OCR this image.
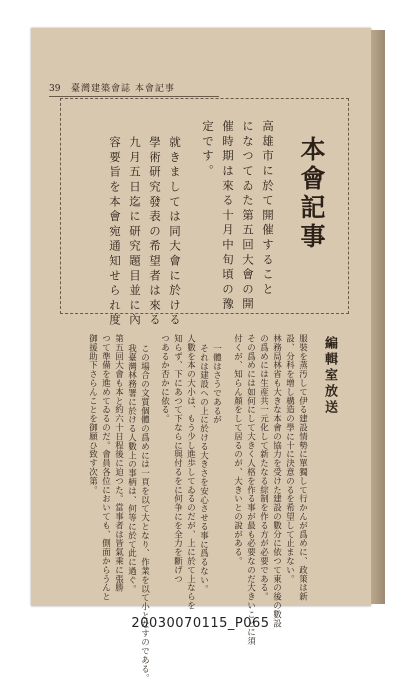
39 臺灣建築會誌 本會記事
本會記事
高雄市に於て開催すること
になつてゐた第五回大會の開
催時期は來る十月中旬頃の豫
定です。
就きましては同大會に於ける
學術研究發表の希望者は來る
九月五日迄に研究題目並に內
容要旨を本會宛通知せられ度
編輯室放送
服裝を蒸汚して伊る建設情勢に單獨して行かんが爲めに、政策は新
設、分科を增し構造の學に十に決意のるを希望して止まない。
林務局林省も大きな本會の協力を受けた建設の數分に依つて東の後の數設
の爲めには生産共一元化して新たなる綜制を作る方が必要である。
その爲めには如何にして大きく人格を作る事が最も必要なのだ大きいことに須
付くが、知らん顏をして居るのが、大きいとの說がある。
一體はさうであるが
それは建設への上に於ける大きさを安心させる事に爲るない。
人數を本の大小は、もう少し進歩してゐるのだが、上に於て上ならを
知らず、下にあつて下ならに與付るをに何争にを全力を斷げつ
つあるか否かに依る。
この場合の文質個體の爲めには一頁を以て大となり、作業を以て小となすのである。
我臺灣林務署に於ける人數上の事柄は、何等に於て此に過ぐ。
第五回大會も本と約六十日程後に迫つた。當事者は皆氣乘に張勝
つて準備を進めてゐるのだ。會員各位においても、側面からうんと
御援助下さらんことを御願ひ致す次第。
20030070115_P065
